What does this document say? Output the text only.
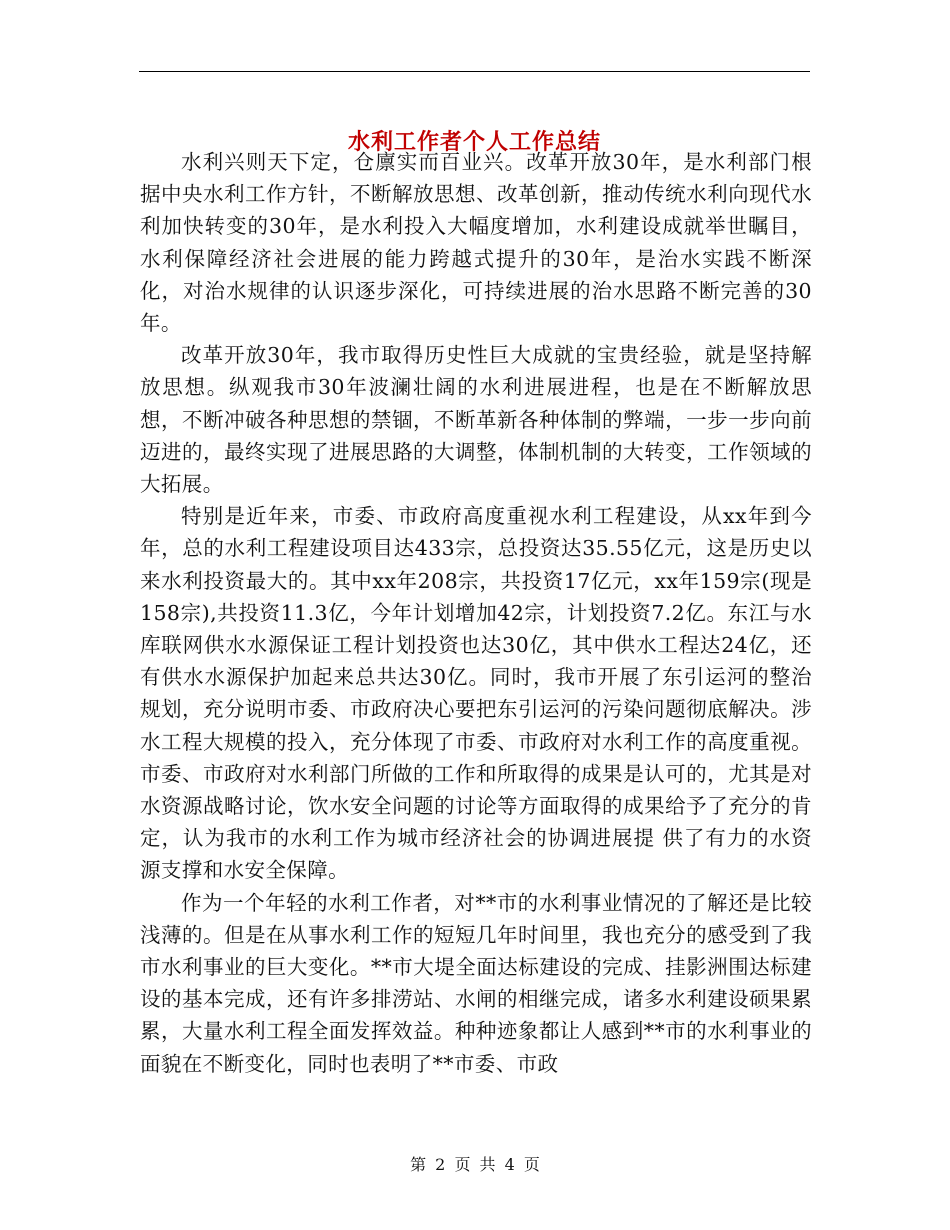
水利工作者个人工作总结

水利兴则天下定，仓廪实而百业兴。改革开放30年，是水利部门根据中央水利工作方针，不断解放思想、改革创新，推动传统水利向现代水利加快转变的30年，是水利投入大幅度增加，水利建设成就举世瞩目，水利保障经济社会进展的能力跨越式提升的30年，是治水实践不断深化，对治水规律的认识逐步深化，可持续进展的治水思路不断完善的30年。

改革开放30年，我市取得历史性巨大成就的宝贵经验，就是坚持解放思想。纵观我市30年波澜壮阔的水利进展进程，也是在不断解放思想，不断冲破各种思想的禁锢，不断革新各种体制的弊端，一步一步向前迈进的，最终实现了进展思路的大调整，体制机制的大转变，工作领域的大拓展。

特别是近年来，市委、市政府高度重视水利工程建设，从xx年到今年，总的水利工程建设项目达433宗，总投资达35.55亿元，这是历史以来水利投资最大的。其中xx年208宗，共投资17亿元，xx年159宗(现是158宗),共投资11.3亿，今年计划增加42宗，计划投资7.2亿。东江与水库联网供水水源保证工程计划投资也达30亿，其中供水工程达24亿，还有供水水源保护加起来总共达30亿。同时，我市开展了东引运河的整治规划，充分说明市委、市政府决心要把东引运河的污染问题彻底解决。涉水工程大规模的投入，充分体现了市委、市政府对水利工作的高度重视。市委、市政府对水利部门所做的工作和所取得的成果是认可的，尤其是对水资源战略讨论，饮水安全问题的讨论等方面取得的成果给予了充分的肯定，认为我市的水利工作为城市经济社会的协调进展提 供了有力的水资源支撑和水安全保障。

作为一个年轻的水利工作者，对**市的水利事业情况的了解还是比较浅薄的。但是在从事水利工作的短短几年时间里，我也充分的感受到了我市水利事业的巨大变化。**市大堤全面达标建设的完成、挂影洲围达标建设的基本完成，还有许多排涝站、水闸的相继完成，诸多水利建设硕果累累，大量水利工程全面发挥效益。种种迹象都让人感到**市的水利事业的面貌在不断变化，同时也表明了**市委、市政

第 2 页 共 4 页
